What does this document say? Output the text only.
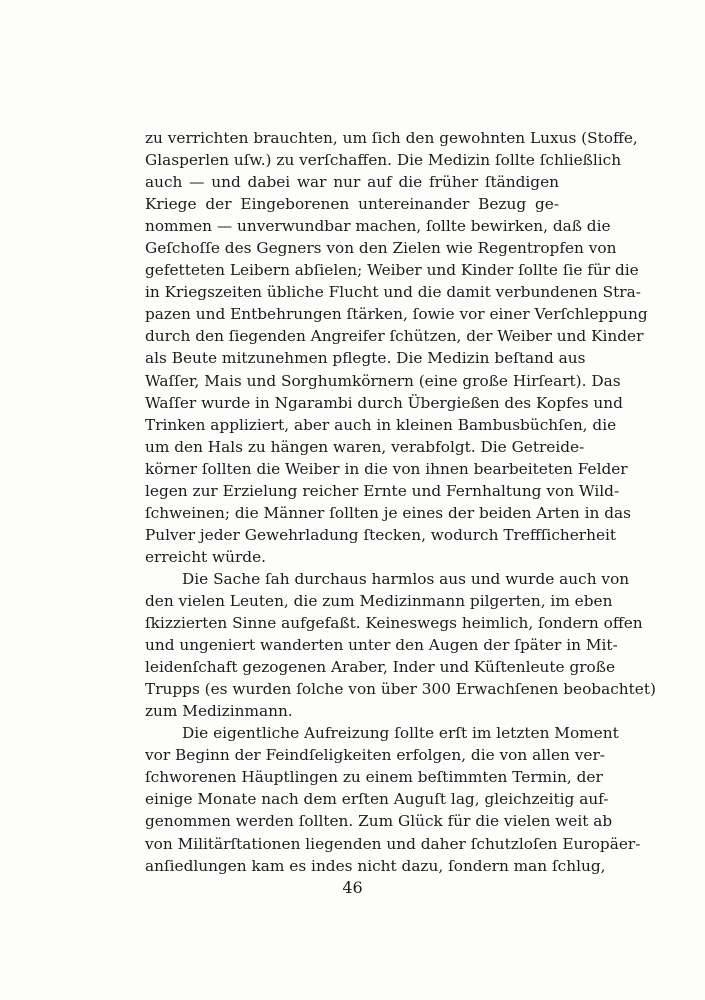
zu verrichten brauchten, um ſich den gewohnten Luxus (Stoffe,
Glasperlen uſw.) zu verſchaffen. Die Medizin ſollte ſchließlich
auch — und dabei war nur auf die früher ſtändigen
Kriege der Eingeborenen untereinander Bezug ge-
nommen — unverwundbar machen, ſollte bewirken, daß die
Geſchoſſe des Gegners von den Zielen wie Regentropfen von
gefetteten Leibern abſielen; Weiber und Kinder ſollte ſie für die
in Kriegszeiten übliche Flucht und die damit verbundenen Stra-
pazen und Entbehrungen ſtärken, ſowie vor einer Verſchleppung
durch den ſiegenden Angreifer ſchützen, der Weiber und Kinder
als Beute mitzunehmen pflegte. Die Medizin beſtand aus
Waſſer, Mais und Sorghumkörnern (eine große Hirſeart). Das
Waſſer wurde in Ngarambi durch Übergießen des Kopfes und
Trinken appliziert, aber auch in kleinen Bambusbüchſen, die
um den Hals zu hängen waren, verabfolgt. Die Getreide-
körner ſollten die Weiber in die von ihnen bearbeiteten Felder
legen zur Erzielung reicher Ernte und Fernhaltung von Wild-
ſchweinen; die Männer ſollten je eines der beiden Arten in das
Pulver jeder Gewehrladung ſtecken, wodurch Treffſicherheit
erreicht würde.
Die Sache ſah durchaus harmlos aus und wurde auch von
den vielen Leuten, die zum Medizinmann pilgerten, im eben
ſkizzierten Sinne aufgefaßt. Keineswegs heimlich, ſondern offen
und ungeniert wanderten unter den Augen der ſpäter in Mit-
leidenſchaft gezogenen Araber, Inder und Küſtenleute große
Trupps (es wurden ſolche von über 300 Erwachſenen beobachtet)
zum Medizinmann.
Die eigentliche Aufreizung ſollte erſt im letzten Moment
vor Beginn der Feindſeligkeiten erfolgen, die von allen ver-
ſchworenen Häuptlingen zu einem beſtimmten Termin, der
einige Monate nach dem erſten Auguſt lag, gleichzeitig auf-
genommen werden ſollten. Zum Glück für die vielen weit ab
von Militärſtationen liegenden und daher ſchutzloſen Europäer-
anſiedlungen kam es indes nicht dazu, ſondern man ſchlug,
46
